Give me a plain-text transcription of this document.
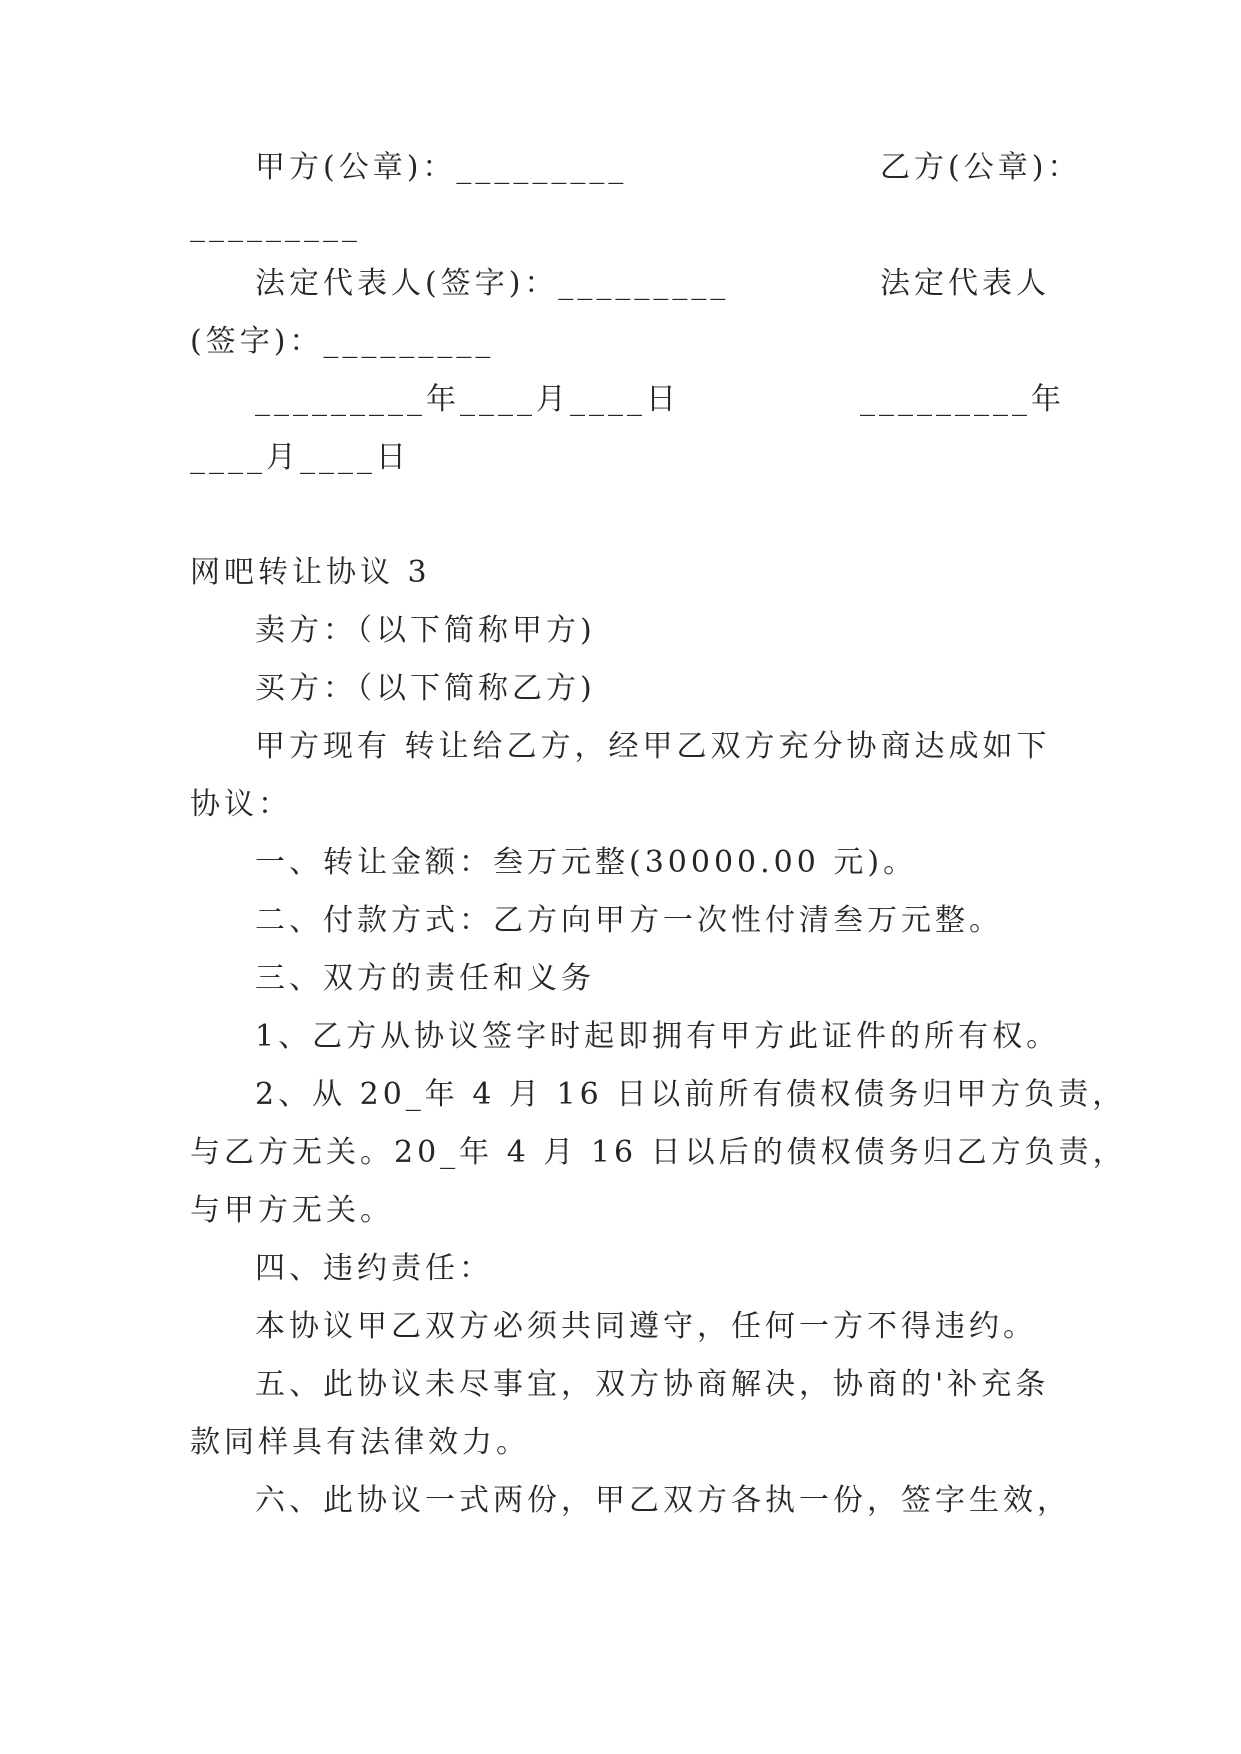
甲方(公章)：_________	乙方(公章)：
_________
法定代表人(签字)：_________	法定代表人
(签字)：_________
_________年____月____日	_________年
____月____日
网吧转让协议 3
卖方：（以下简称甲方)
买方：（以下简称乙方)
甲方现有 转让给乙方，经甲乙双方充分协商达成如下
协议：
一、转让金额：叁万元整(30000.00 元)。
二、付款方式：乙方向甲方一次性付清叁万元整。
三、双方的责任和义务
1、乙方从协议签字时起即拥有甲方此证件的所有权。
2、从 20_年 4 月 16 日以前所有债权债务归甲方负责，
与乙方无关。20_年 4 月 16 日以后的债权债务归乙方负责，
与甲方无关。
四、违约责任：
本协议甲乙双方必须共同遵守，任何一方不得违约。
五、此协议未尽事宜，双方协商解决，协商的'补充条
款同样具有法律效力。
六、此协议一式两份，甲乙双方各执一份，签字生效，
